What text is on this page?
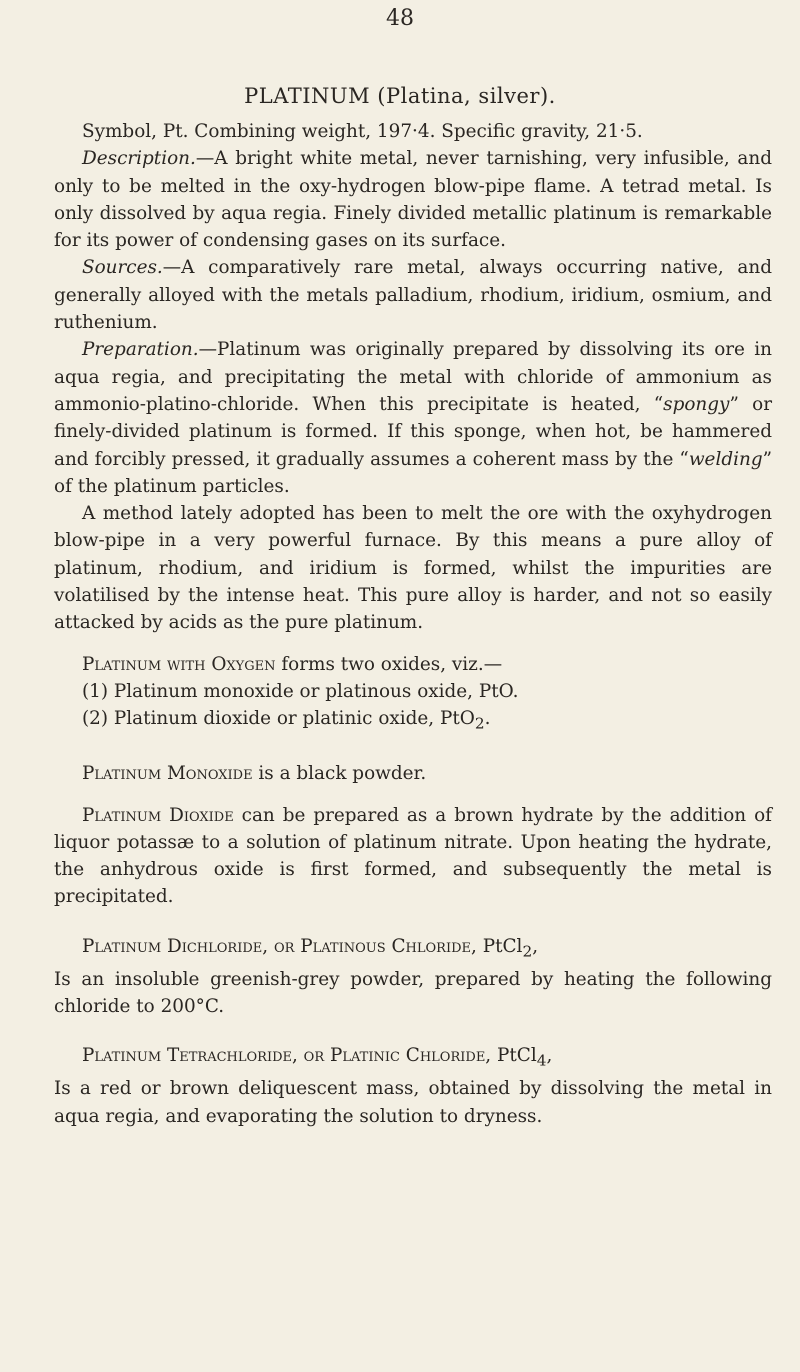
48
PLATINUM (Platina, silver).

Symbol, Pt. Combining weight, 197·4. Specific gravity, 21·5.

Description.—A bright white metal, never tarnishing, very infusible, and only to be melted in the oxy-hydrogen blow-pipe flame. A tetrad metal. Is only dissolved by aqua regia. Finely divided metallic platinum is remarkable for its power of condensing gases on its surface.

Sources.—A comparatively rare metal, always occurring native, and generally alloyed with the metals palladium, rhodium, iridium, osmium, and ruthenium.

Preparation.—Platinum was originally prepared by dissolving its ore in aqua regia, and precipitating the metal with chloride of ammonium as ammonio-platino-chloride. When this precipitate is heated, “spongy” or finely-divided platinum is formed. If this sponge, when hot, be hammered and forcibly pressed, it gradually assumes a coherent mass by the “welding” of the platinum particles.

A method lately adopted has been to melt the ore with the oxyhydrogen blow-pipe in a very powerful furnace. By this means a pure alloy of platinum, rhodium, and iridium is formed, whilst the impurities are volatilised by the intense heat. This pure alloy is harder, and not so easily attacked by acids as the pure platinum.

Platinum with Oxygen forms two oxides, viz.—

(1) Platinum monoxide or platinous oxide, PtO.

(2) Platinum dioxide or platinic oxide, PtO$_2$.

Platinum Monoxide is a black powder.

Platinum Dioxide can be prepared as a brown hydrate by the addition of liquor potassæ to a solution of platinum nitrate. Upon heating the hydrate, the anhydrous oxide is first formed, and subsequently the metal is precipitated.

Platinum Dichloride, or Platinous Chloride, PtCl$_2$,

Is an insoluble greenish-grey powder, prepared by heating the following chloride to 200°C.

Platinum Tetrachloride, or Platinic Chloride, PtCl$_4$,

Is a red or brown deliquescent mass, obtained by dissolving the metal in aqua regia, and evaporating the solution to dryness.
